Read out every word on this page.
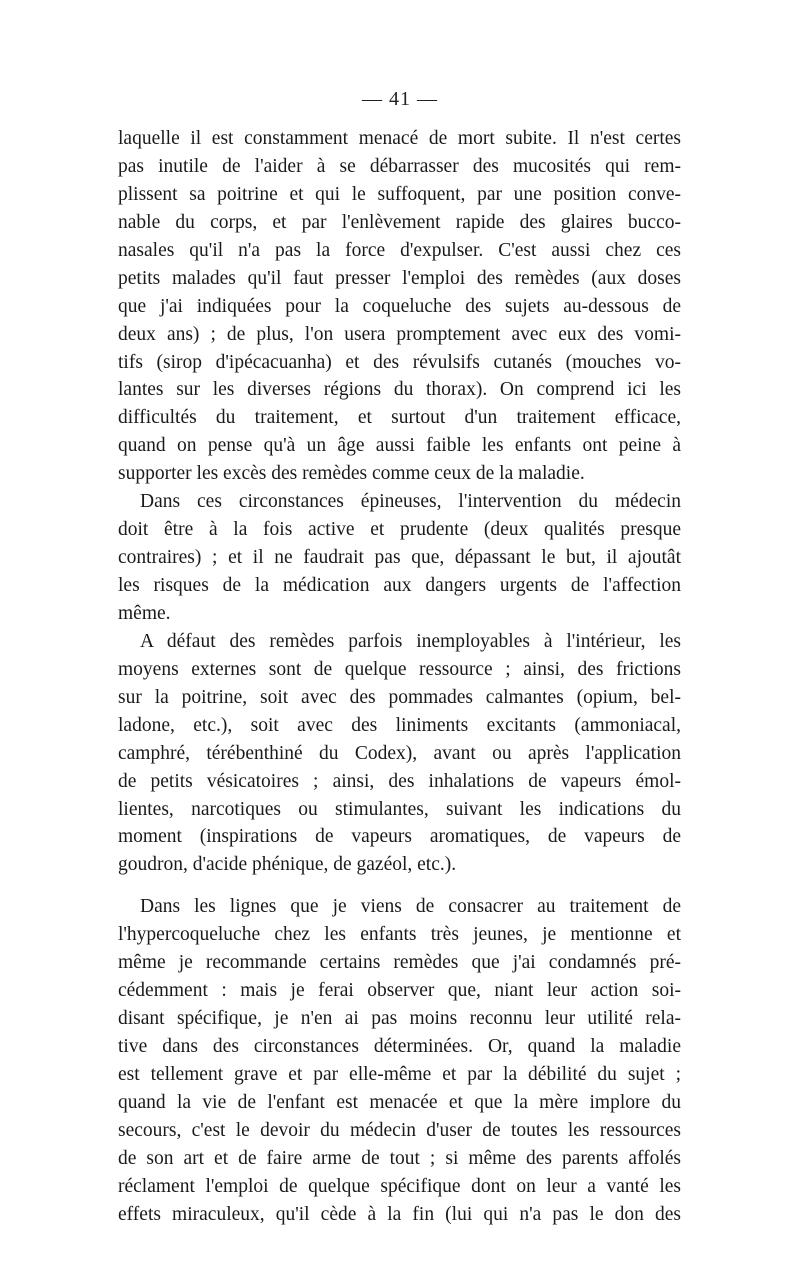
— 41 —
laquelle il est constamment menacé de mort subite. Il n'est certes
pas inutile de l'aider à se débarrasser des mucosités qui rem-
plissent sa poitrine et qui le suffoquent, par une position conve-
nable du corps, et par l'enlèvement rapide des glaires bucco-
nasales qu'il n'a pas la force d'expulser. C'est aussi chez ces
petits malades qu'il faut presser l'emploi des remèdes (aux doses
que j'ai indiquées pour la coqueluche des sujets au-dessous de
deux ans) ; de plus, l'on usera promptement avec eux des vomi-
tifs (sirop d'ipécacuanha) et des révulsifs cutanés (mouches vo-
lantes sur les diverses régions du thorax). On comprend ici les
difficultés du traitement, et surtout d'un traitement efficace,
quand on pense qu'à un âge aussi faible les enfants ont peine à
supporter les excès des remèdes comme ceux de la maladie.
Dans ces circonstances épineuses, l'intervention du médecin
doit être à la fois active et prudente (deux qualités presque
contraires) ; et il ne faudrait pas que, dépassant le but, il ajoutât
les risques de la médication aux dangers urgents de l'affection
même.
A défaut des remèdes parfois inemployables à l'intérieur, les
moyens externes sont de quelque ressource ; ainsi, des frictions
sur la poitrine, soit avec des pommades calmantes (opium, bel-
ladone, etc.), soit avec des liniments excitants (ammoniacal,
camphré, térébenthiné du Codex), avant ou après l'application
de petits vésicatoires ; ainsi, des inhalations de vapeurs émol-
lientes, narcotiques ou stimulantes, suivant les indications du
moment (inspirations de vapeurs aromatiques, de vapeurs de
goudron, d'acide phénique, de gazéol, etc.).
Dans les lignes que je viens de consacrer au traitement de
l'hypercoqueluche chez les enfants très jeunes, je mentionne et
même je recommande certains remèdes que j'ai condamnés pré-
cédemment : mais je ferai observer que, niant leur action soi-
disant spécifique, je n'en ai pas moins reconnu leur utilité rela-
tive dans des circonstances déterminées. Or, quand la maladie
est tellement grave et par elle-même et par la débilité du sujet ;
quand la vie de l'enfant est menacée et que la mère implore du
secours, c'est le devoir du médecin d'user de toutes les ressources
de son art et de faire arme de tout ; si même des parents affolés
réclament l'emploi de quelque spécifique dont on leur a vanté les
effets miraculeux, qu'il cède à la fin (lui qui n'a pas le don des
